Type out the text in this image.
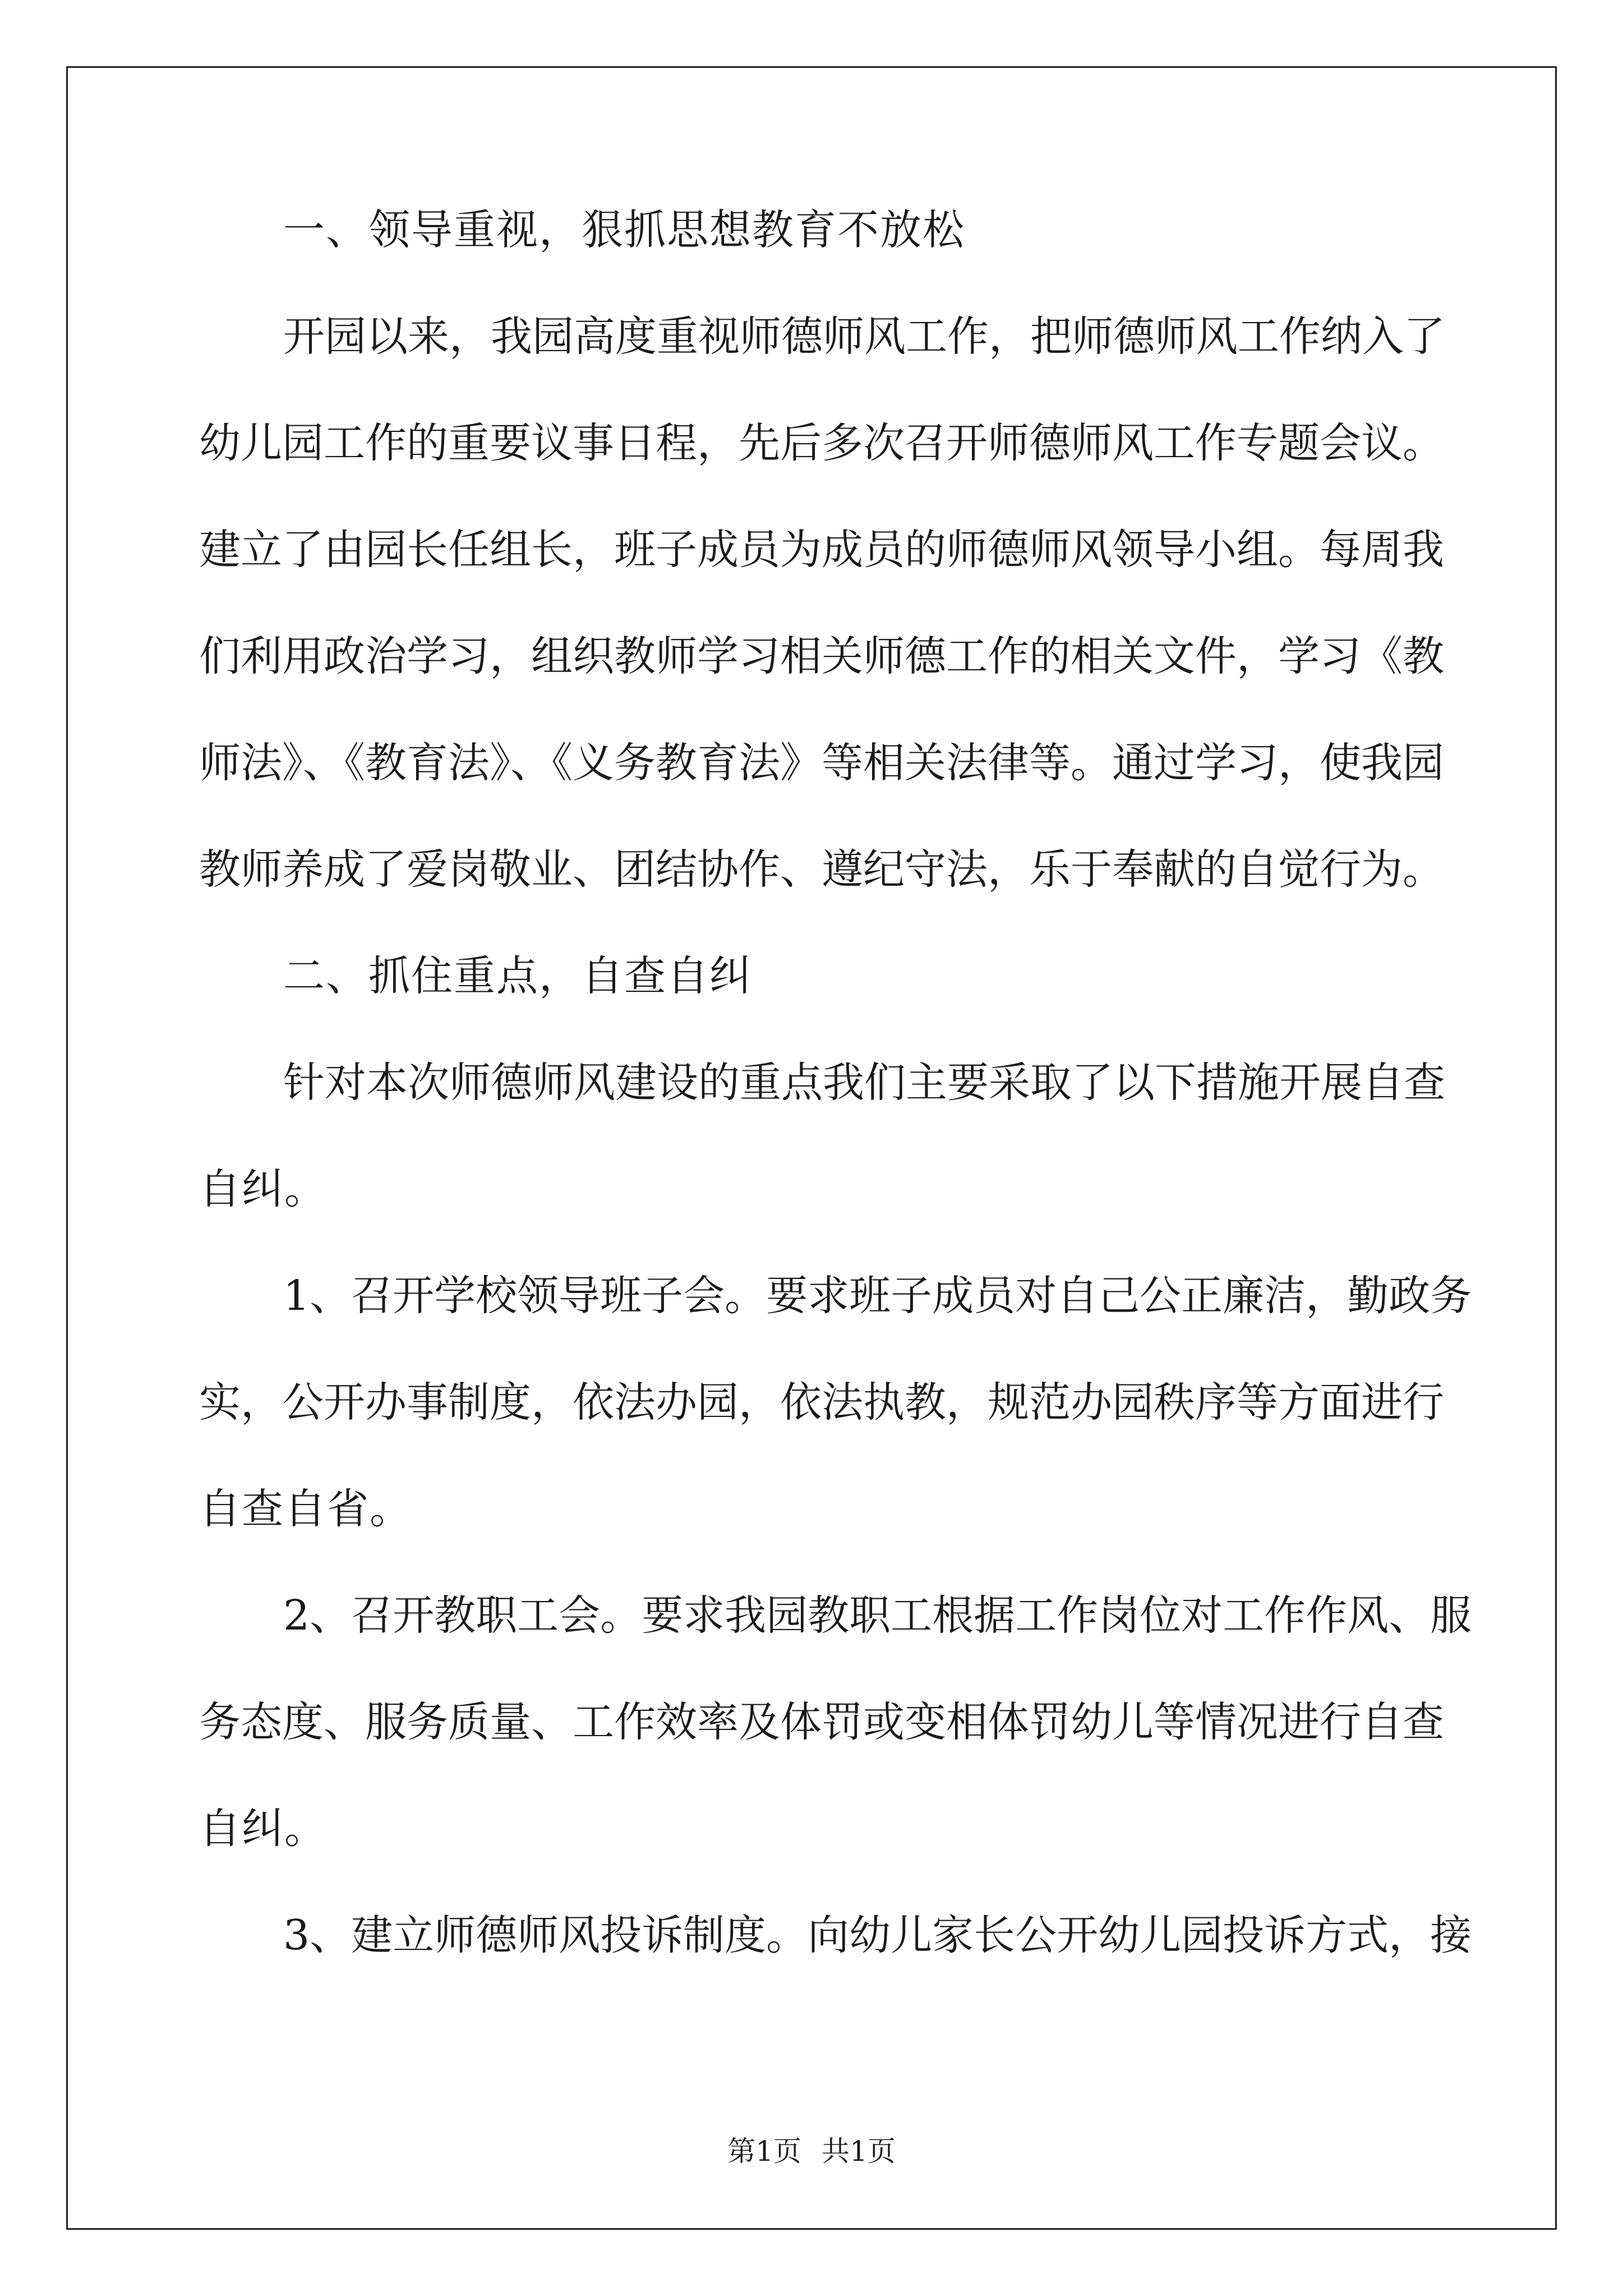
一、领导重视，狠抓思想教育不放松
开园以来，我园高度重视师德师风工作，把师德师风工作纳入了
幼儿园工作的重要议事日程，先后多次召开师德师风工作专题会议。
建立了由园长任组长，班子成员为成员的师德师风领导小组。每周我
们利用政治学习，组织教师学习相关师德工作的相关文件，学习《教
师法》、《教育法》、《义务教育法》等相关法律等。通过学习，使我园
教师养成了爱岗敬业、团结协作、遵纪守法，乐于奉献的自觉行为。
二、抓住重点，自查自纠
针对本次师德师风建设的重点我们主要采取了以下措施开展自查
自纠。
1、召开学校领导班子会。要求班子成员对自己公正廉洁，勤政务
实，公开办事制度，依法办园，依法执教，规范办园秩序等方面进行
自查自省。
2、召开教职工会。要求我园教职工根据工作岗位对工作作风、服
务态度、服务质量、工作效率及体罚或变相体罚幼儿等情况进行自查
自纠。
3、建立师德师风投诉制度。向幼儿家长公开幼儿园投诉方式，接
第1页 共1页
